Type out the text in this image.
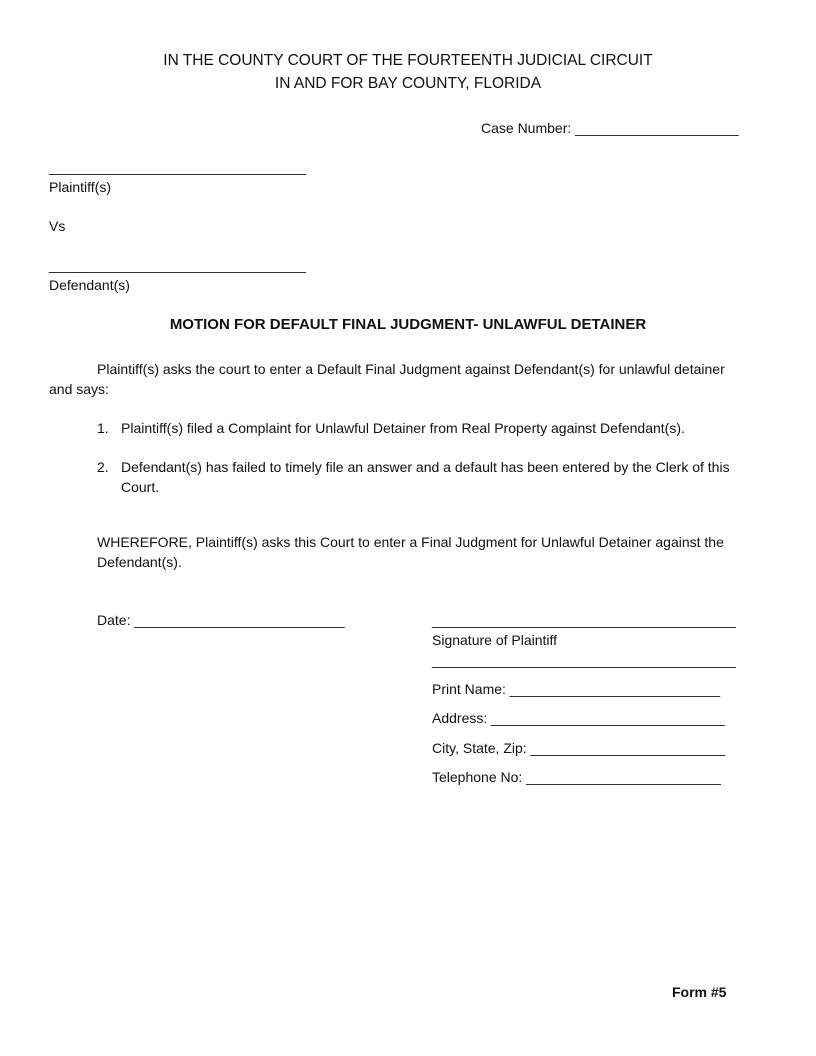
IN THE COUNTY COURT OF THE FOURTEENTH JUDICIAL CIRCUIT
IN AND FOR BAY COUNTY, FLORIDA
Case Number: _____________________
_________________________________
Plaintiff(s)
Vs
_________________________________
Defendant(s)
MOTION FOR DEFAULT FINAL JUDGMENT- UNLAWFUL DETAINER
Plaintiff(s) asks the court to enter a Default Final Judgment against Defendant(s) for unlawful detainer
and says:
1. Plaintiff(s) filed a Complaint for Unlawful Detainer from Real Property against Defendant(s).
2. Defendant(s) has failed to timely file an answer and a default has been entered by the Clerk of this
Court.
WHEREFORE, Plaintiff(s) asks this Court to enter a Final Judgment for Unlawful Detainer against the
Defendant(s).
Date: ___________________________	_______________________________________
Signature of Plaintiff
_______________________________________
Print Name: ___________________________
Address: ______________________________
City, State, Zip: _________________________
Telephone No: _________________________
Form #5
